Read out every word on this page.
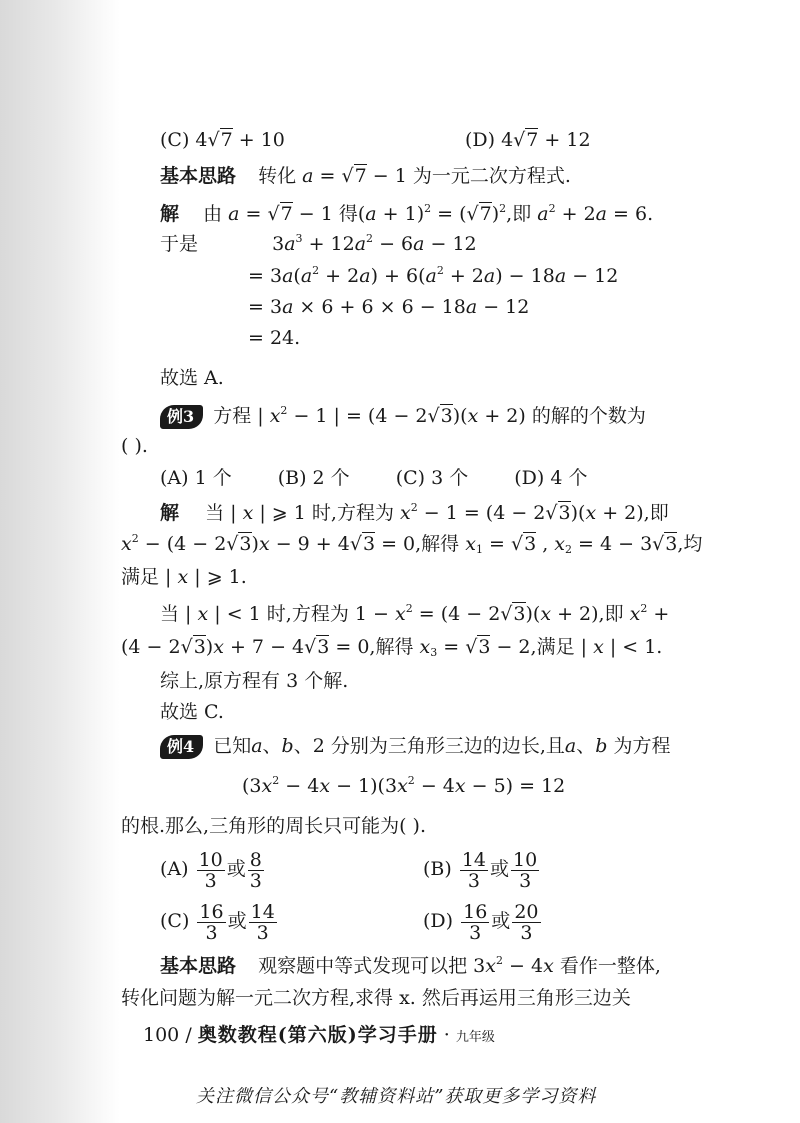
(C) 4√7 + 10	(D) 4√7 + 12
基本思路 转化 a = √7 − 1 为一元二次方程式.
解 由 a = √7 − 1 得$(a + 1)^2 = (√7)^2$,即 $a^2 + 2a = 6$.
于是	$3a^3 + 12a^2 - 6a - 12$
= $3a(a^2 + 2a) + 6(a^2 + 2a) - 18a - 12$
= 3a × 6 + 6 × 6 − 18a − 12
= 24.
故选 A.
例3 方程 | $x^2 - 1$ | = (4 − 2√3)(x + 2) 的解的个数为
( ).
(A) 1 个 (B) 2 个 (C) 3 个 (D) 4 个
解 当 | x | ⩾ 1 时,方程为 $x^2 - 1 = (4 - 2√3)(x + 2)$,即
$x^2 - (4 - 2√3)x - 9 + 4√3 = 0$,解得 $x_1 = √3$ , $x_2 = 4 - 3√3$,均
满足 | x | ⩾ 1.
当 | x | < 1 时,方程为 $1 - x^2 = (4 - 2√3)(x + 2)$,即 $x^2$ +
(4 − 2√3)x + 7 − 4√3 = 0,解得 $x_3 = √3 - 2$,满足 | x | < 1.
综上,原方程有 3 个解.
故选 C.
例4 已知a、b、2 分别为三角形三边的边长,且a、b 为方程
$(3x^2 - 4x - 1)(3x^2 - 4x - 5) = 12$
的根.那么,三角形的周长只可能为( ).
$(A) \frac{10}{3}$ 或 $\frac{8}{3}$	$(B) \frac{14}{3}$ 或 $\frac{10}{3}$
$(C) \frac{16}{3}$ 或 $\frac{14}{3}$	$(D) \frac{16}{3}$ 或 $\frac{20}{3}$
基本思路 观察题中等式发现可以把 $3x^2 - 4x$ 看作一整体,
转化问题为解一元二次方程,求得 x. 然后再运用三角形三边关
100 / 奥数教程(第六版)学习手册 · 九年级
关注微信公众号“教辅资料站”获取更多学习资料
